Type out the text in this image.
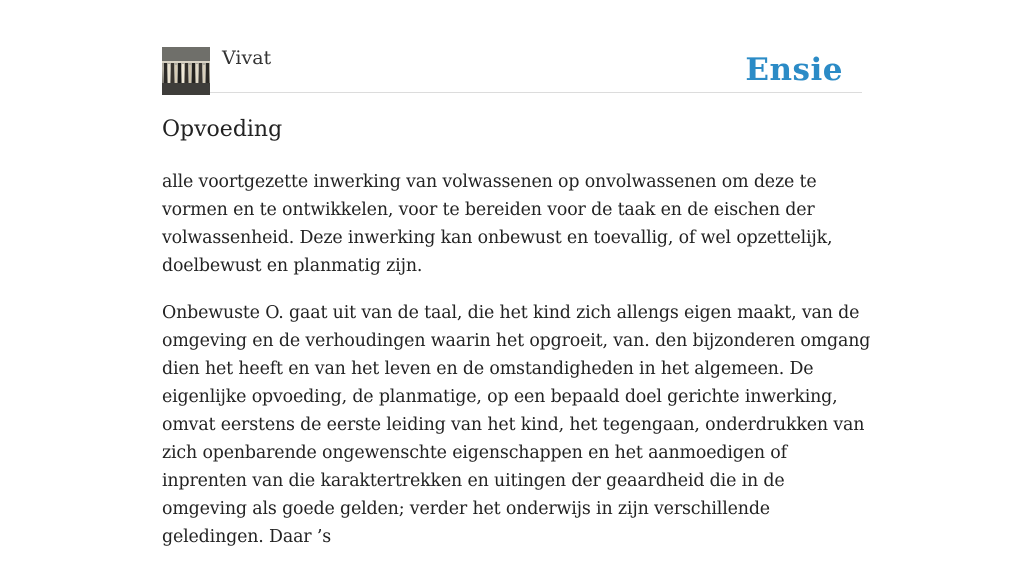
Vivat	Ensie
Opvoeding

alle voortgezette inwerking van volwassenen op onvolwassenen om deze te vormen en te ontwikkelen, voor te bereiden voor de taak en de eischen der volwassenheid. Deze inwerking kan onbewust en toevallig, of wel opzettelijk, doelbewust en planmatig zijn.

Onbewuste O. gaat uit van de taal, die het kind zich allengs eigen maakt, van de omgeving en de verhoudingen waarin het opgroeit, van. den bijzonderen omgang dien het heeft en van het leven en de omstandigheden in het algemeen. De eigenlijke opvoeding, de planmatige, op een bepaald doel gerichte inwerking, omvat eerstens de eerste leiding van het kind, het tegengaan, onderdrukken van zich openbarende ongewenschte eigenschappen en het aanmoedigen of inprenten van die karaktertrekken en uitingen der geaardheid die in de omgeving als goede gelden; verder het onderwijs in zijn verschillende geledingen. Daar ’s
